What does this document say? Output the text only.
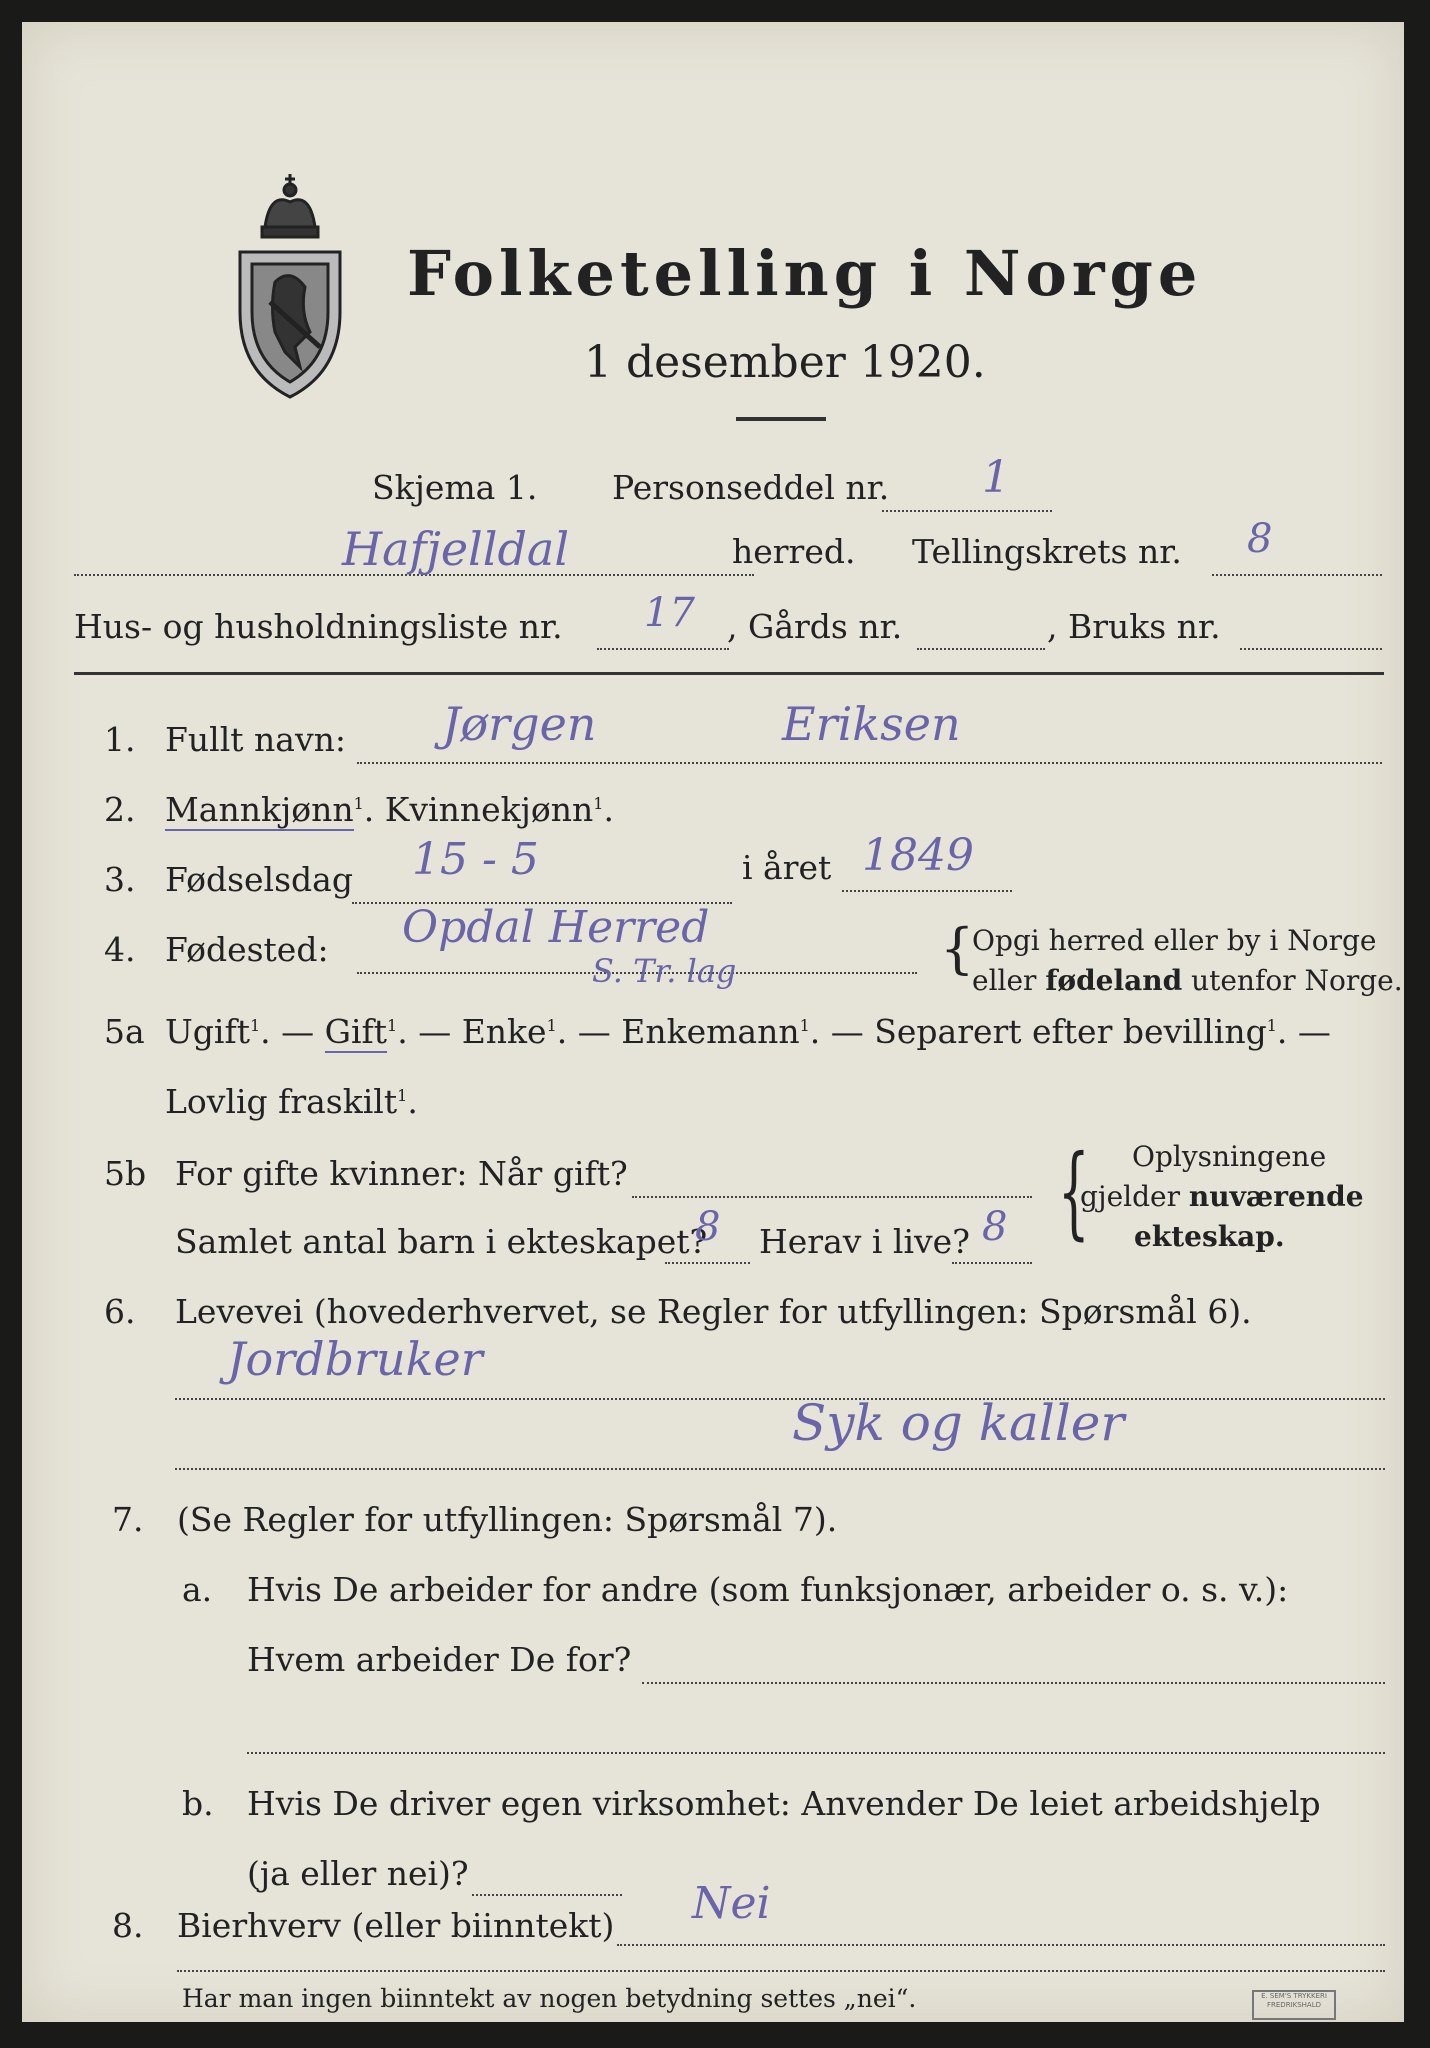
Folketelling i Norge
1 desember 1920.
Skjema 1. Personseddel nr. 1
Hafjelldal	herred. Tellingskrets nr. 8
Hus- og husholdningsliste nr. 17 , Gårds nr.	, Bruks nr.
1. Fullt navn: Jørgen	Eriksen
2. Mannkjønn$^1$. Kvinnekjønn$^1$.
3. Fødselsdag 15 - 5	i året 1849
4. Fødested: Opdal Herred
S. Tr. lag	{
Opgi herred eller by i Norge
eller fødeland utenfor Norge.
5a Ugift$^1$. — Gift$^1$. — Enke$^1$. — Enkemann$^1$. — Separert efter bevilling$^1$. —
Lovlig fraskilt$^1$.
5b For gifte kvinner: Når gift?
Samlet antal barn i ekteskapet?
8 Herav i live? 8 { Oplysningene
gjelder nuværende
ekteskap.
6. Levevei (hovederhvervet, se Regler for utfyllingen: Spørsmål 6).
Jordbruker
Syk og kaller
7. (Se Regler for utfyllingen: Spørsmål 7).
a. Hvis De arbeider for andre (som funksjonær, arbeider o. s. v.):
Hvem arbeider De for?
b. Hvis De driver egen virksomhet: Anvender De leiet arbeidshjelp
(ja eller nei)?
8. Bierhverv (eller biinntekt) Nei
Har man ingen biinntekt av nogen betydning settes „nei“.	E. SEM'S TRYKKERI
FREDRIKSHALD
